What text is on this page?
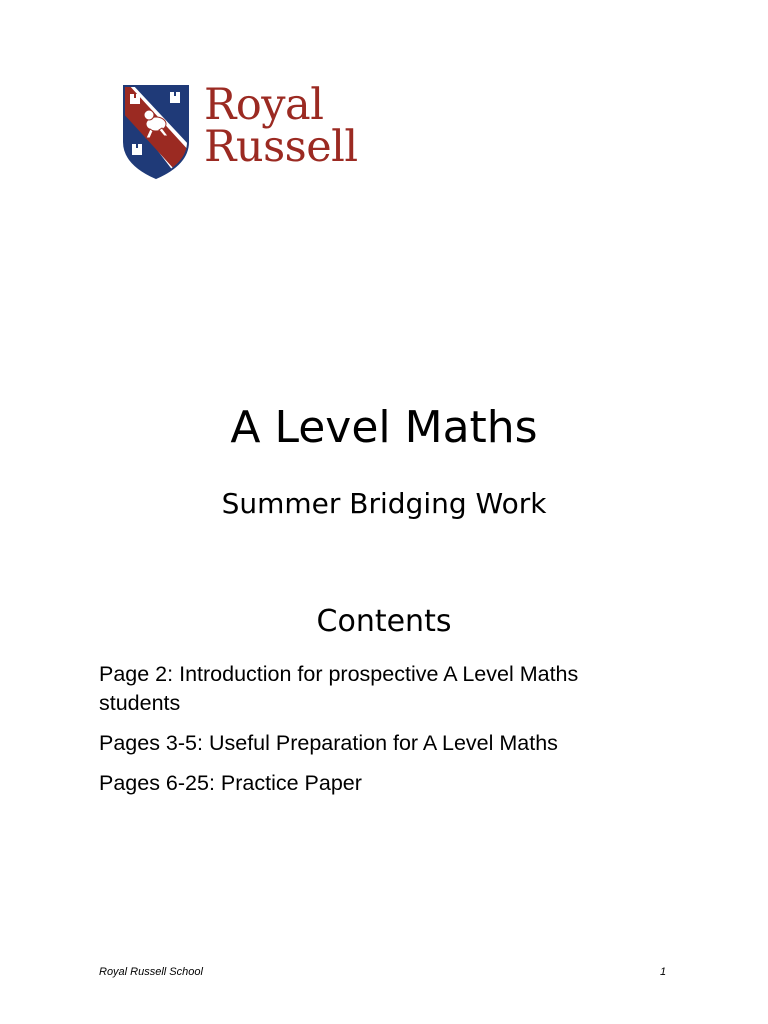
Royal
Russell
A Level Maths
Summer Bridging Work
Contents
Page 2: Introduction for prospective A Level Maths students
Pages 3-5: Useful Preparation for A Level Maths
Pages 6-25: Practice Paper
Royal Russell School	1
